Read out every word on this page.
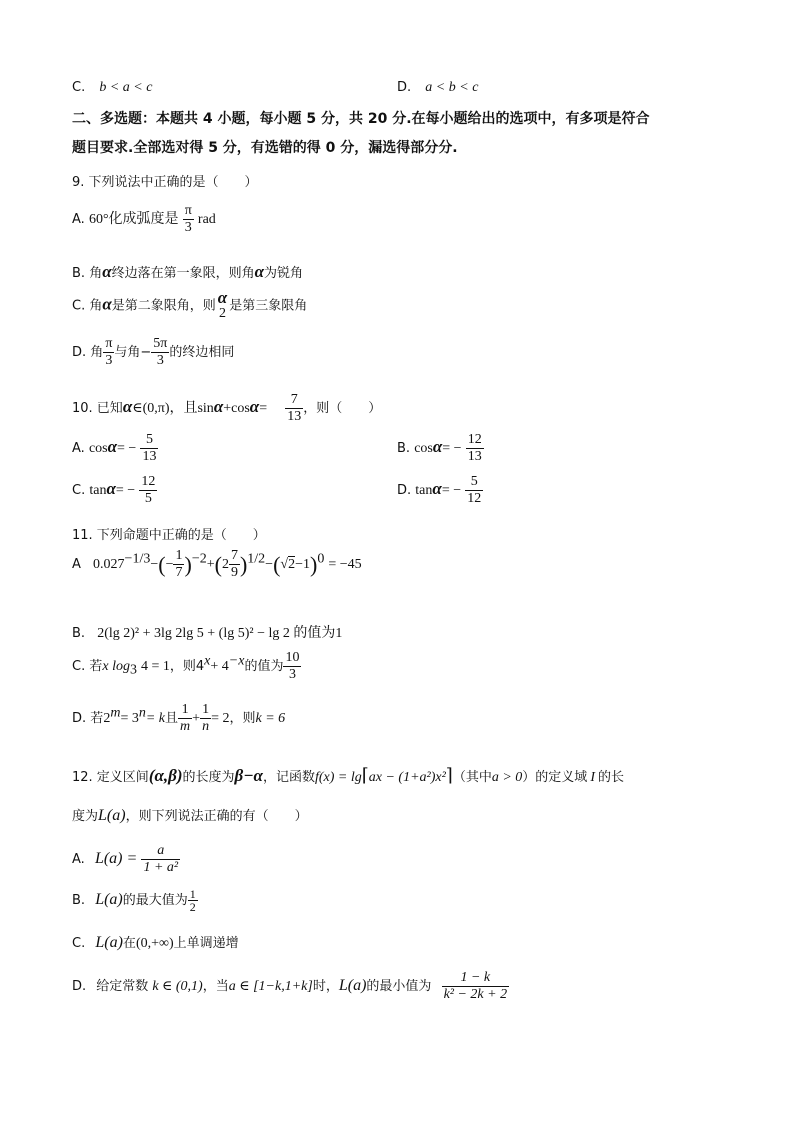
C. b < a < c	D. a < b < c
二、多选题：本题共 4 小题，每小题 5 分，共 20 分.在每小题给出的选项中，有多项是符合
题目要求.全部选对得 5 分，有选错的得 0 分，漏选得部分分.
9. 下列说法中正确的是（　　）
A. 60°化成弧度是 $\frac{\pi}{3}$ rad
B. 角α终边落在第一象限，则角α为锐角
C. 角α是第二象限角，则 α
2 是第三象限角
D. 角 $\frac{\pi}{3}$ 与角− $\frac{5\pi}{3}$ 的终边相同
10. 已知α∈(0,π)，且$\sin\alpha+\cos\alpha= \frac{7}{13}$ ，则（　　）
A. $\cos\alpha= - \frac{5}{13}$	B. $\cos\alpha= - \frac{12}{13}$
C. $\tan\alpha= - \frac{12}{5}$	D. $\tan\alpha= - \frac{5}{12}$
11. 下列命题中正确的是（　　）
A $0.027^{-1/3}-(- \frac{1}{7} )^{-2}+(2 \frac{7}{9} )^{1/2}-(√2-1)^0 = -45$
B. 2(lg 2)² + 3lg 2lg 5 + (lg 5)² − lg 2 的值为1
C. 若x $\log_3 4 = 1$，则$4^x+ 4^{-x}$的值为 $\frac{10}{3}$
D. 若$2^m= 3^n= k$且 $\frac{1}{m} + \frac{1}{n} = 2$，则k = 6
12. 定义区间(α,β)的长度为β−α，记函数f(x) = lg⌈ax − (1+a²)x²⌉（其中a > 0）的定义域 I 的长
度为L(a)，则下列说法正确的有（　　）
A. $L(a) = \frac{a}{\text{1 + a²}}$
B. L(a)的最大值为 $\frac{1}{2}$
C. L(a)在(0,+∞)上单调递增
D. 给定常数 k ∈ (0,1)，当a ∈ [1−k,1+k]时，L(a)的最小值为 $\frac{1 - k}{\text{k² − 2k + 2}}$
